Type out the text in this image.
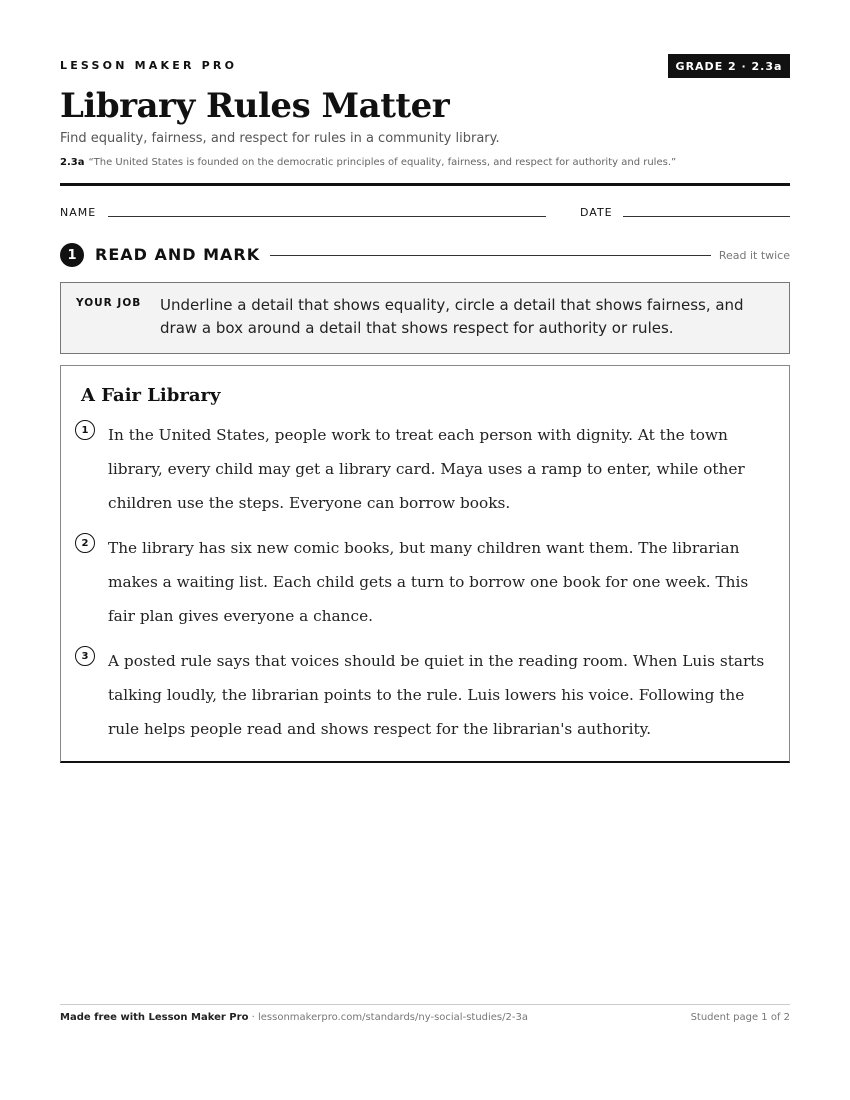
LESSON MAKER PRO	GRADE 2 · 2.3a
Library Rules Matter
Find equality, fairness, and respect for rules in a community library.
2.3a “The United States is founded on the democratic principles of equality, fairness, and respect for authority and rules.”
NAME	DATE
1	READ AND MARK	Read it twice
YOUR JOB Underline a detail that shows equality, circle a detail that shows fairness, and draw a box around a detail that shows respect for authority or rules.
A Fair Library
1	In the United States, people work to treat each person with dignity. At the town library, every child may get a library card. Maya uses a ramp to enter, while other children use the steps. Everyone can borrow books.
2	The library has six new comic books, but many children want them. The librarian makes a waiting list. Each child gets a turn to borrow one book for one week. This fair plan gives everyone a chance.
3	A posted rule says that voices should be quiet in the reading room. When Luis starts talking loudly, the librarian points to the rule. Luis lowers his voice. Following the rule helps people read and shows respect for the librarian's authority.
Made free with Lesson Maker Pro · lessonmakerpro.com/standards/ny-social-studies/2-3a	Student page 1 of 2
